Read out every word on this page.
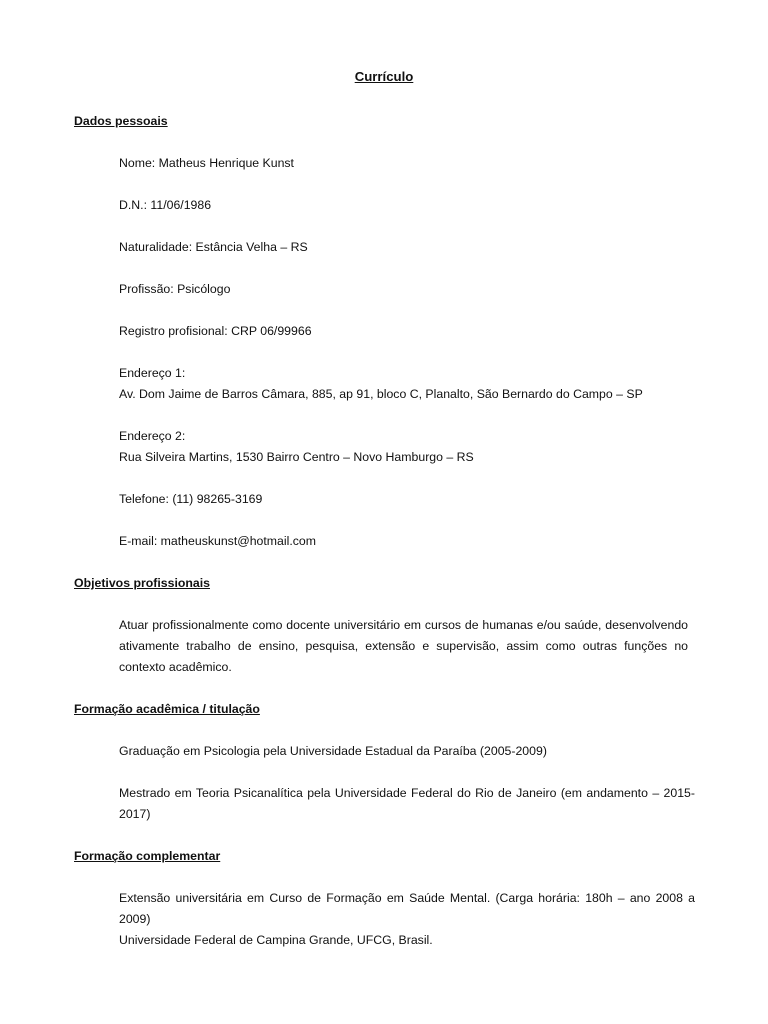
Currículo
Dados pessoais
Nome: Matheus Henrique Kunst
D.N.: 11/06/1986
Naturalidade: Estância Velha – RS
Profissão: Psicólogo
Registro profisional: CRP 06/99966
Endereço 1:
Av. Dom Jaime de Barros Câmara, 885, ap 91, bloco C, Planalto, São Bernardo do Campo – SP
Endereço 2:
Rua Silveira Martins, 1530 Bairro Centro – Novo Hamburgo – RS
Telefone: (11) 98265-3169
E-mail: matheuskunst@hotmail.com
Objetivos profissionais
Atuar profissionalmente como docente universitário em cursos de humanas e/ou saúde, desenvolvendo ativamente trabalho de ensino, pesquisa, extensão e supervisão, assim como outras funções no contexto acadêmico.
Formação acadêmica / titulação
Graduação em Psicologia pela Universidade Estadual da Paraíba (2005-2009)
Mestrado em Teoria Psicanalítica pela Universidade Federal do Rio de Janeiro (em andamento – 2015-2017)
Formação complementar
Extensão universitária em Curso de Formação em Saúde Mental. (Carga horária: 180h – ano 2008 a 2009)
Universidade Federal de Campina Grande, UFCG, Brasil.
